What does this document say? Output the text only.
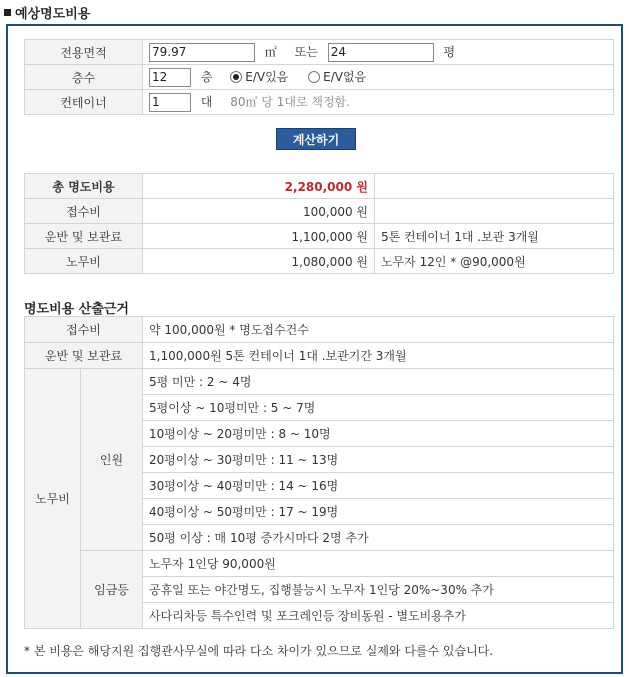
예상명도비용
전용면적	79.97㎡ 또는 24 평
층수	12층 E/V있음 E/V없음
컨테이너	1대 80㎡ 당 1대로 책정함.
계산하기
총 명도비용	2,280,000 원	
접수비	100,000 원	
운반 및 보관료	1,100,000 원	5톤 컨테이너 1대 .보관 3개월
노무비	1,080,000 원	노무자 12인 * @90,000원
명도비용 산출근거
접수비		약 100,000원 * 명도접수건수
운반 및 보관료		1,100,000원 5톤 컨테이너 1대 .보관기간 3개월
노무비	인원	5평 미만 : 2 ~ 4명
		5평이상 ~ 10평미만 : 5 ~ 7명
		10평이상 ~ 20평미만 : 8 ~ 10명
		20평이상 ~ 30평미만 : 11 ~ 13명
		30평이상 ~ 40평미만 : 14 ~ 16명
		40평이상 ~ 50평미만 : 17 ~ 19명
		50평 이상 : 매 10평 증가시마다 2명 추가
	임금등	노무자 1인당 90,000원
		공휴일 또는 야간명도, 집행불능시 노무자 1인당 20%~30% 추가
		사다리차등 특수인력 및 포크레인등 장비동원 - 별도비용추가
* 본 비용은 해당지원 집행관사무실에 따라 다소 차이가 있으므로 실제와 다를수 있습니다.
